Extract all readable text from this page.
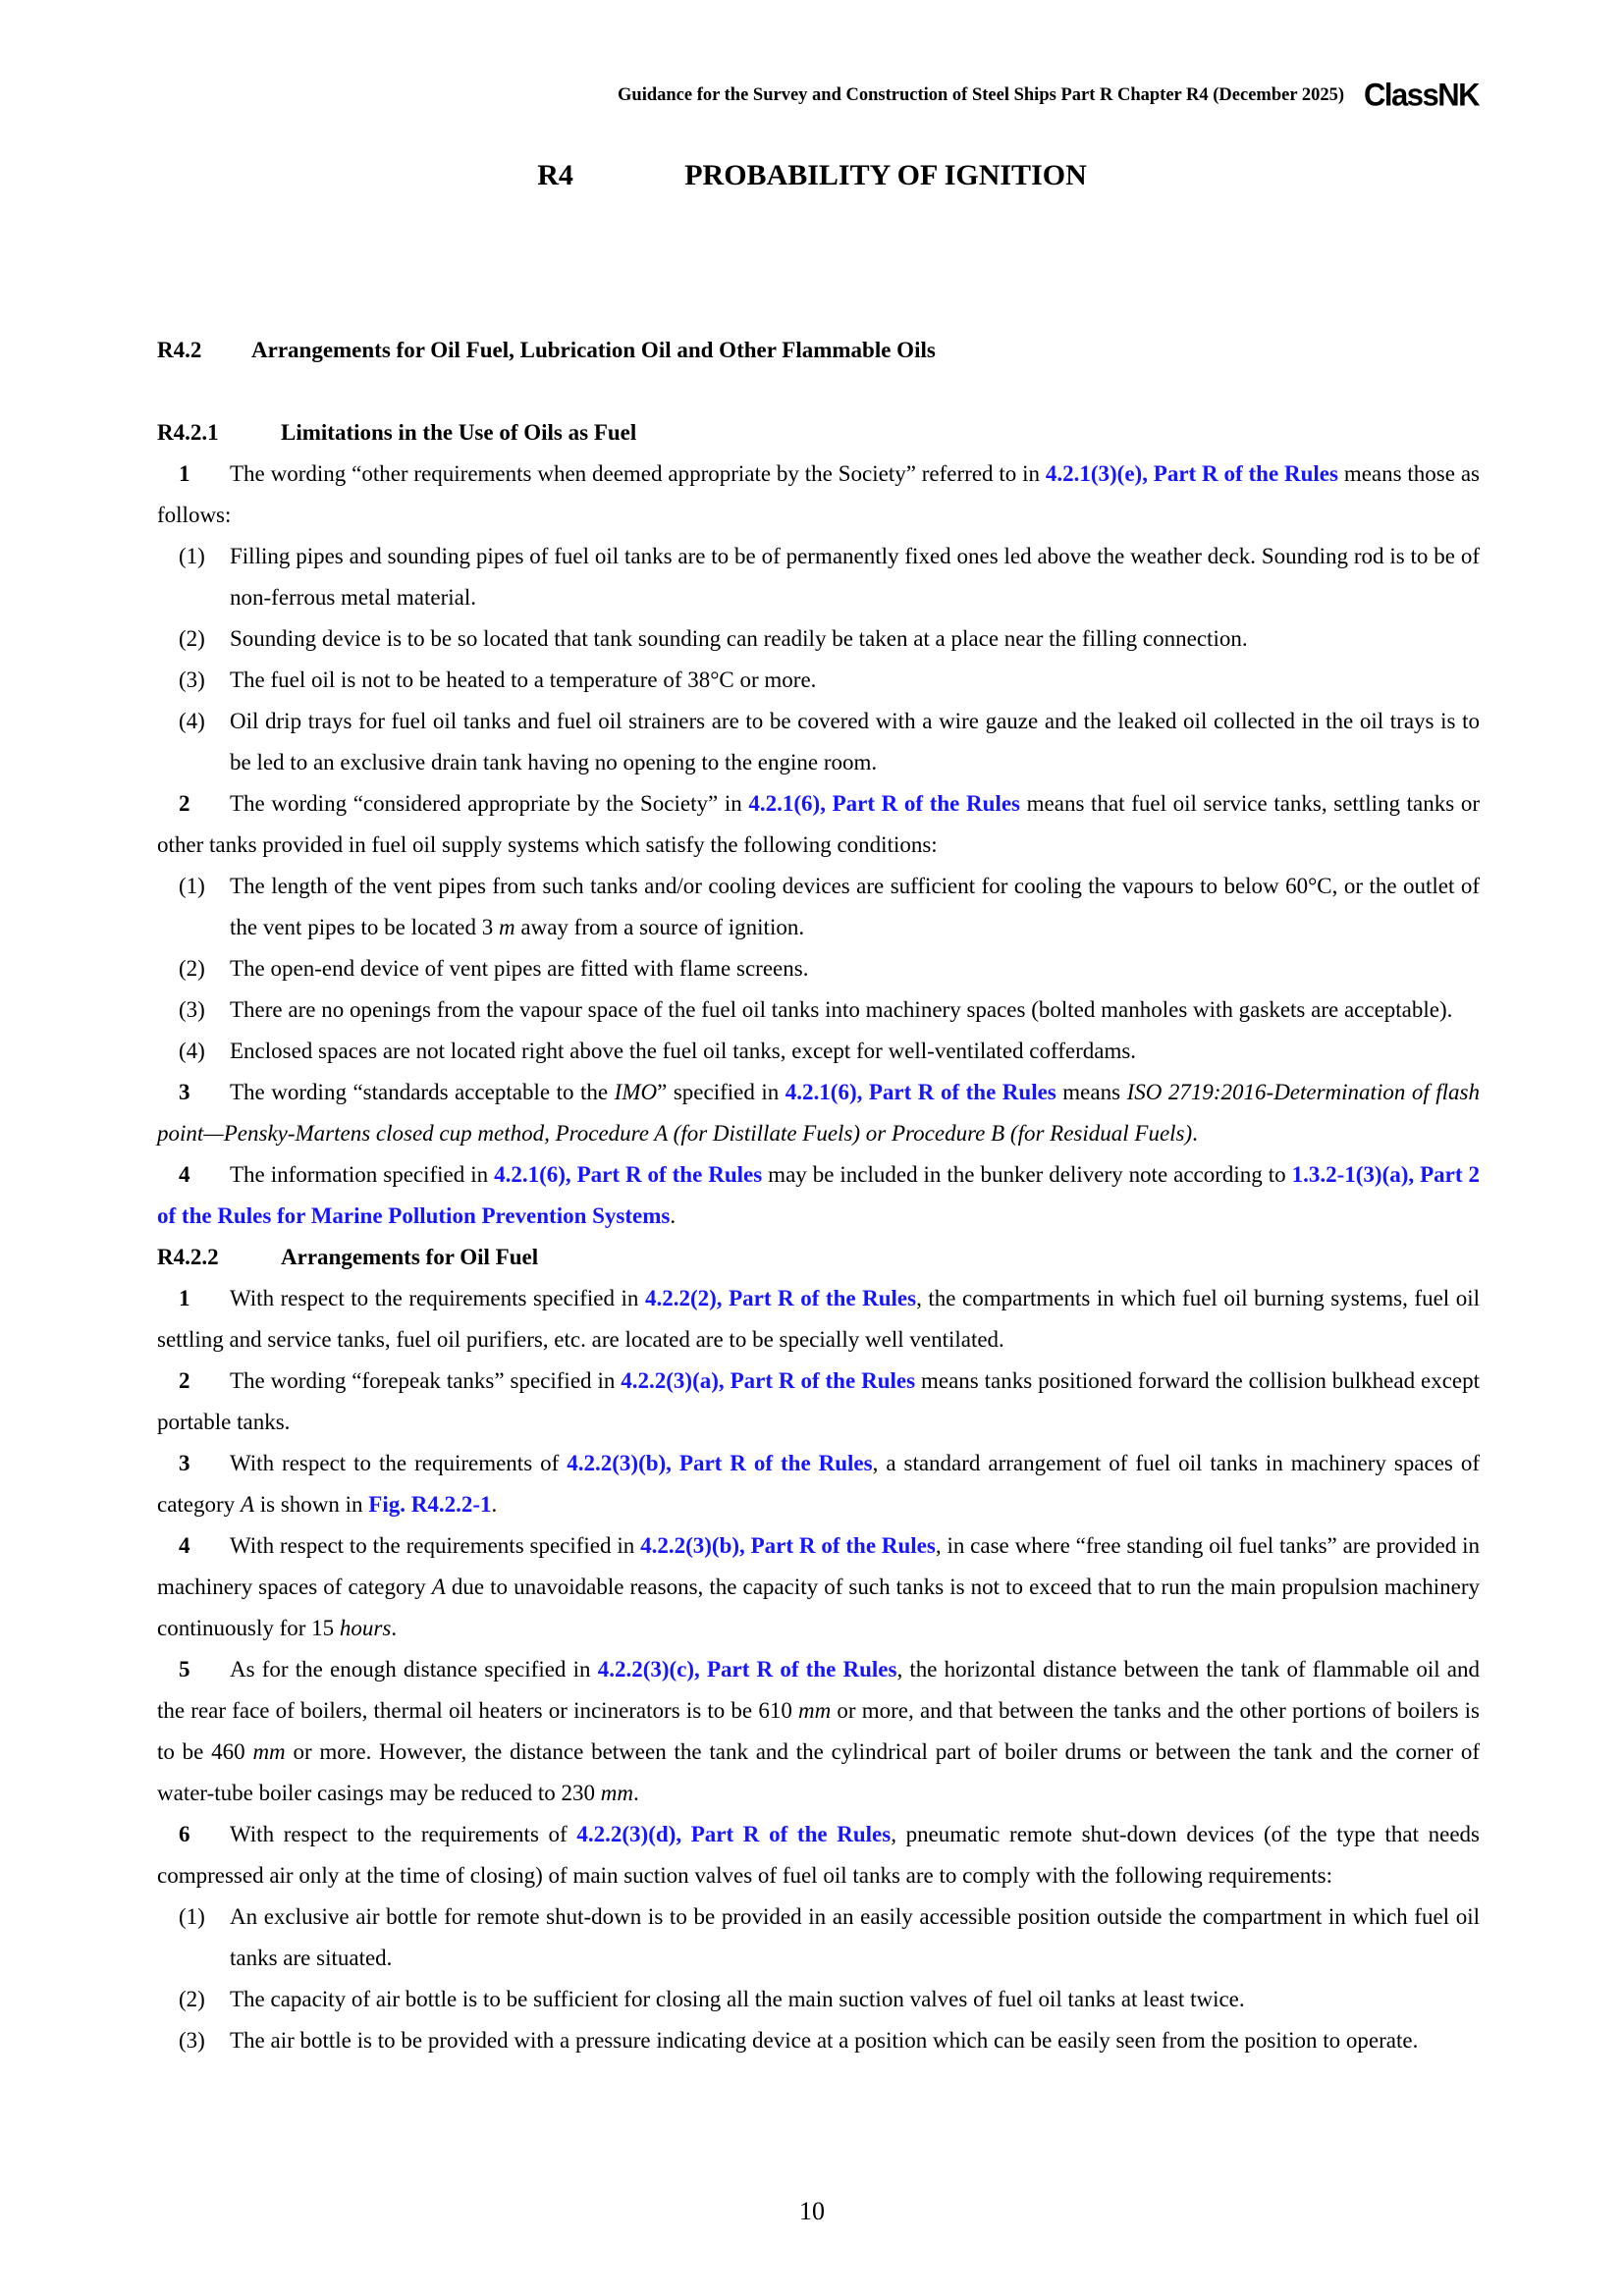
Guidance for the Survey and Construction of Steel Ships Part R Chapter R4 (December 2025) ClassNK
R4	PROBABILITY OF IGNITION

R4.2 Arrangements for Oil Fuel, Lubrication Oil and Other Flammable Oils

R4.2.1	Limitations in the Use of Oils as Fuel

1 The wording “other requirements when deemed appropriate by the Society” referred to in 4.2.1(3)(e), Part R of the Rules means those as follows:

(1) Filling pipes and sounding pipes of fuel oil tanks are to be of permanently fixed ones led above the weather deck. Sounding rod is to be of non-ferrous metal material.

(2) Sounding device is to be so located that tank sounding can readily be taken at a place near the filling connection.

(3) The fuel oil is not to be heated to a temperature of 38°C or more.

(4) Oil drip trays for fuel oil tanks and fuel oil strainers are to be covered with a wire gauze and the leaked oil collected in the oil trays is to be led to an exclusive drain tank having no opening to the engine room.

2 The wording “considered appropriate by the Society” in 4.2.1(6), Part R of the Rules means that fuel oil service tanks, settling tanks or other tanks provided in fuel oil supply systems which satisfy the following conditions:

(1) The length of the vent pipes from such tanks and/or cooling devices are sufficient for cooling the vapours to below 60°C, or the outlet of the vent pipes to be located 3 m away from a source of ignition.

(2) The open-end device of vent pipes are fitted with flame screens.

(3) There are no openings from the vapour space of the fuel oil tanks into machinery spaces (bolted manholes with gaskets are acceptable).

(4) Enclosed spaces are not located right above the fuel oil tanks, except for well-ventilated cofferdams.

3 The wording “standards acceptable to the IMO” specified in 4.2.1(6), Part R of the Rules means ISO 2719:2016-Determination of flash point—Pensky-Martens closed cup method, Procedure A (for Distillate Fuels) or Procedure B (for Residual Fuels).

4 The information specified in 4.2.1(6), Part R of the Rules may be included in the bunker delivery note according to 1.3.2-1(3)(a), Part 2 of the Rules for Marine Pollution Prevention Systems.

R4.2.2	Arrangements for Oil Fuel

1 With respect to the requirements specified in 4.2.2(2), Part R of the Rules, the compartments in which fuel oil burning systems, fuel oil settling and service tanks, fuel oil purifiers, etc. are located are to be specially well ventilated.

2 The wording “forepeak tanks” specified in 4.2.2(3)(a), Part R of the Rules means tanks positioned forward the collision bulkhead except portable tanks.

3 With respect to the requirements of 4.2.2(3)(b), Part R of the Rules, a standard arrangement of fuel oil tanks in machinery spaces of category A is shown in Fig. R4.2.2-1.

4 With respect to the requirements specified in 4.2.2(3)(b), Part R of the Rules, in case where “free standing oil fuel tanks” are provided in machinery spaces of category A due to unavoidable reasons, the capacity of such tanks is not to exceed that to run the main propulsion machinery continuously for 15 hours.

5 As for the enough distance specified in 4.2.2(3)(c), Part R of the Rules, the horizontal distance between the tank of flammable oil and the rear face of boilers, thermal oil heaters or incinerators is to be 610 mm or more, and that between the tanks and the other portions of boilers is to be 460 mm or more. However, the distance between the tank and the cylindrical part of boiler drums or between the tank and the corner of water-tube boiler casings may be reduced to 230 mm.

6 With respect to the requirements of 4.2.2(3)(d), Part R of the Rules, pneumatic remote shut-down devices (of the type that needs compressed air only at the time of closing) of main suction valves of fuel oil tanks are to comply with the following requirements:

(1) An exclusive air bottle for remote shut-down is to be provided in an easily accessible position outside the compartment in which fuel oil tanks are situated.

(2) The capacity of air bottle is to be sufficient for closing all the main suction valves of fuel oil tanks at least twice.

(3) The air bottle is to be provided with a pressure indicating device at a position which can be easily seen from the position to operate.

10
